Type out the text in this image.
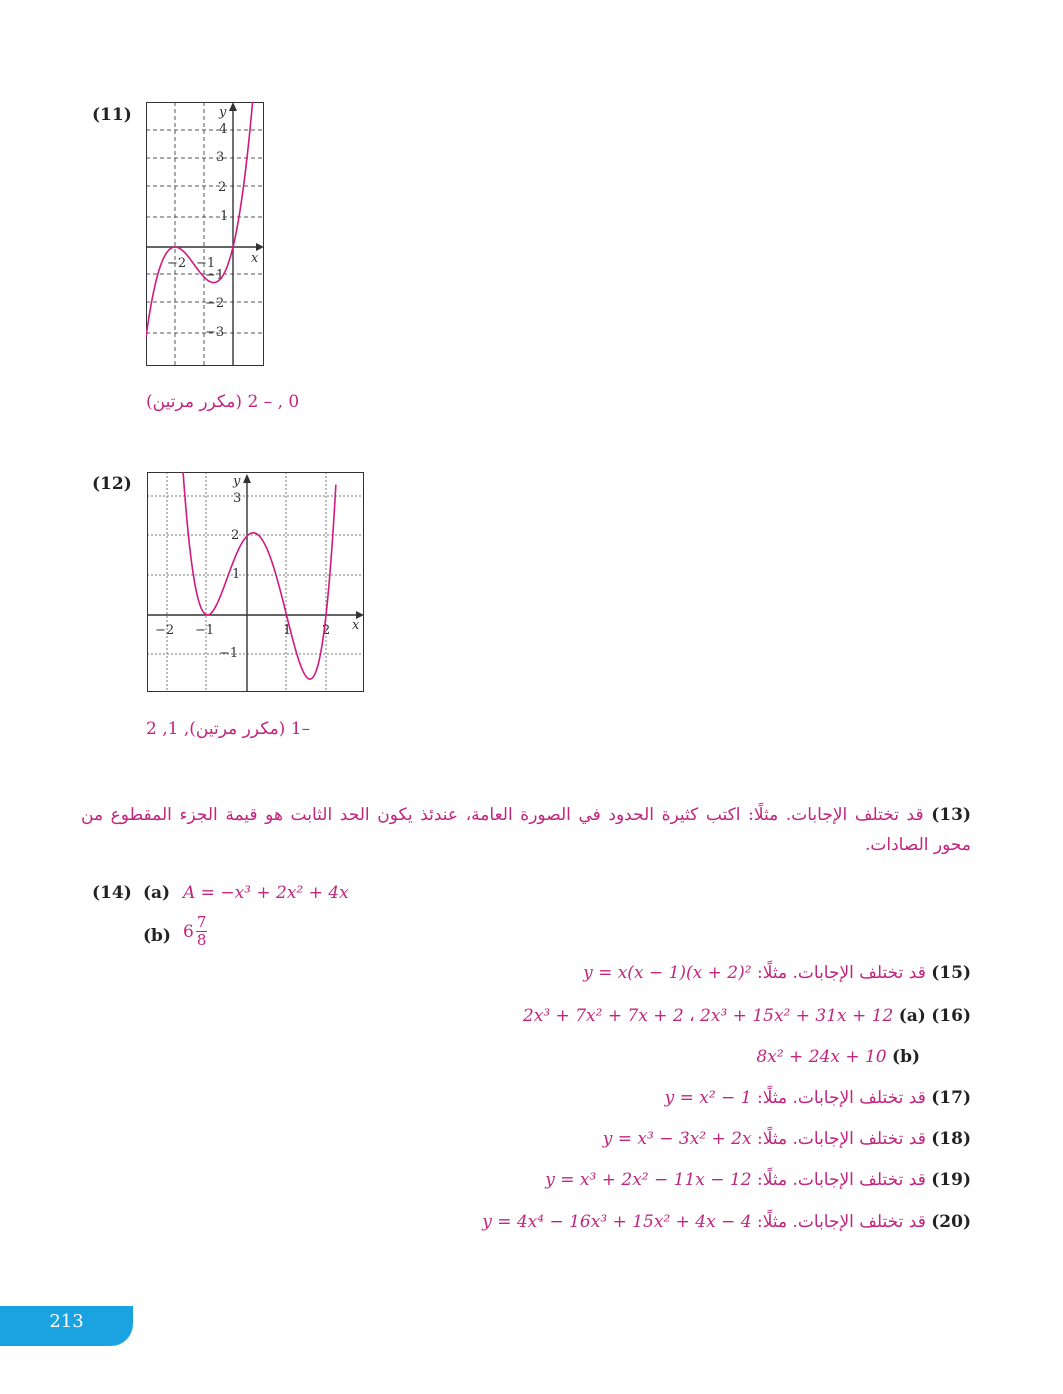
(11)	y
x
4
3
2
1
−1
−2
−3
−2 −1
0 , – 2 (مكرر مرتين)
(12)	y
x
3
2
1
−1
−2 −1	1 2
–1 (مكرر مرتين), 1, 2
(13) قد تختلف الإجابات. مثلًا: اكتب كثيرة الحدود في الصورة العامة، عندئذ يكون الحد الثابت هو قيمة الجزء المقطوع من محور الصادات.
(14) (a) A = −x³ + 2x² + 4x
(b) $6 \frac{7}{8}$
(15) قد تختلف الإجابات. مثلًا: y = x(x − 1)(x + 2)²
(16) (a) 2x³ + 15x² + 31x + 12 ، 2x³ + 7x² + 7x + 2
(b) 8x² + 24x + 10
(17) قد تختلف الإجابات. مثلًا: y = x² − 1
(18) قد تختلف الإجابات. مثلًا: y = x³ − 3x² + 2x
(19) قد تختلف الإجابات. مثلًا: y = x³ + 2x² − 11x − 12
(20) قد تختلف الإجابات. مثلًا: y = 4x⁴ − 16x³ + 15x² + 4x − 4
213
